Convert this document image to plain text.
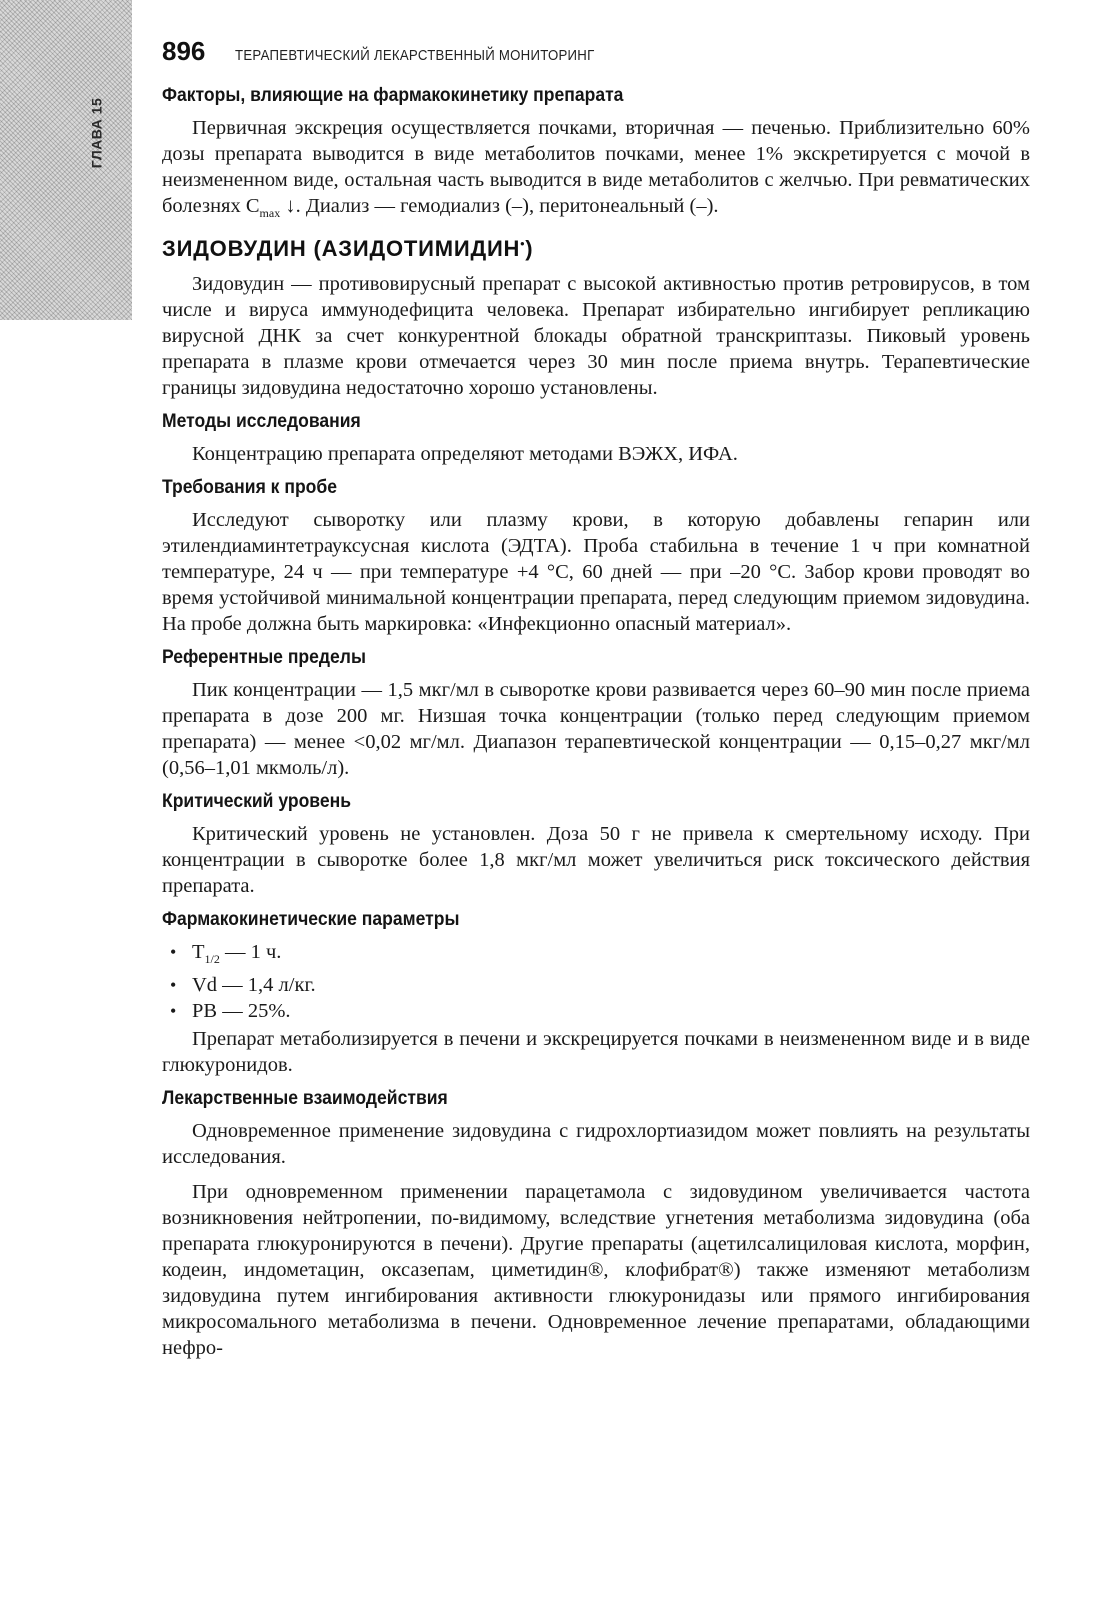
ГЛАВА 15
896 ТЕРАПЕВТИЧЕСКИЙ ЛЕКАРСТВЕННЫЙ МОНИТОРИНГ
Факторы, влияющие на фармакокинетику препарата

Первичная экскреция осуществляется почками, вторичная — печенью. Приблизительно 60% дозы препарата выводится в виде метаболитов почками, менее 1% экскретируется с мочой в неизмененном виде, остальная часть выводится в виде метаболитов с желчью. При ревматических болезнях $C_{max}$ ↓. Диализ — гемодиализ (–), перитонеальный (–).

ЗИДОВУДИН (АЗИДОТИМИДИН•)

Зидовудин — противовирусный препарат с высокой активностью против ретровирусов, в том числе и вируса иммунодефицита человека. Препарат избирательно ингибирует репликацию вирусной ДНК за счет конкурентной блокады обратной транскриптазы. Пиковый уровень препарата в плазме крови отмечается через 30 мин после приема внутрь. Терапевтические границы зидовудина недостаточно хорошо установлены.

Методы исследования

Концентрацию препарата определяют методами ВЭЖХ, ИФА.

Требования к пробе

Исследуют сыворотку или плазму крови, в которую добавлены гепарин или этилендиаминтетрауксусная кислота (ЭДТА). Проба стабильна в течение 1 ч при комнатной температуре, 24 ч — при температуре +4 °С, 60 дней — при –20 °С. Забор крови проводят во время устойчивой минимальной концентрации препарата, перед следующим приемом зидовудина. На пробе должна быть маркировка: «Инфекционно опасный материал».

Референтные пределы

Пик концентрации — 1,5 мкг/мл в сыворотке крови развивается через 60–90 мин после приема препарата в дозе 200 мг. Низшая точка концентрации (только перед следующим приемом препарата) — менее <0,02 мг/мл. Диапазон терапевтической концентрации — 0,15–0,27 мкг/мл (0,56–1,01 мкмоль/л).

Критический уровень

Критический уровень не установлен. Доза 50 г не привела к смертельному исходу. При концентрации в сыворотке более 1,8 мкг/мл может увеличиться риск токсического действия препарата.

Фармакокинетические параметры
• $T_{1/2}$ — 1 ч.
• Vd — 1,4 л/кг.
• PB — 25%.

Препарат метаболизируется в печени и экскрецируется почками в неизмененном виде и в виде глюкуронидов.

Лекарственные взаимодействия

Одновременное применение зидовудина с гидрохлортиазидом может повлиять на результаты исследования.

При одновременном применении парацетамола с зидовудином увеличивается частота возникновения нейтропении, по-видимому, вследствие угнетения метаболизма зидовудина (оба препарата глюкуронируются в печени). Другие препараты (ацетилсалициловая кислота, морфин, кодеин, индометацин, оксазепам, циметидин®, клофибрат®) также изменяют метаболизм зидовудина путем ингибирования активности глюкуронидазы или прямого ингибирования микросомального метаболизма в печени. Одновременное лечение препаратами, обладающими нефро-
